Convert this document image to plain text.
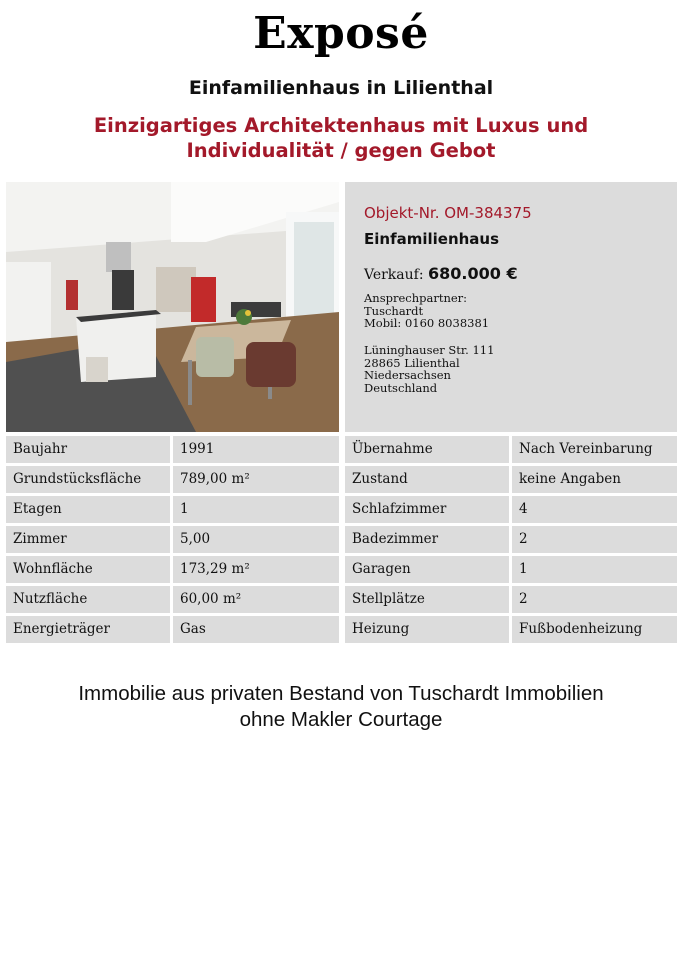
Exposé
Einfamilienhaus in Lilienthal
Einzigartiges Architektenhaus mit Luxus und
Individualität / gegen Gebot
Objekt-Nr. OM-384375
Einfamilienhaus
Verkauf: 680.000 €
Ansprechpartner:
Tuschardt
Mobil: 0160 8038381
Lüninghauser Str. 111
28865 Lilienthal
Niedersachsen
Deutschland
Baujahr	1991
Grundstücksfläche	789,00 m²
Etagen	1
Zimmer	5,00
Wohnfläche	173,29 m²
Nutzfläche	60,00 m²
Energieträger	Gas
Übernahme	Nach Vereinbarung
Zustand	keine Angaben
Schlafzimmer	4
Badezimmer	2
Garagen	1
Stellplätze	2
Heizung	Fußbodenheizung
Immobilie aus privaten Bestand von Tuschardt Immobilien
ohne Makler Courtage
